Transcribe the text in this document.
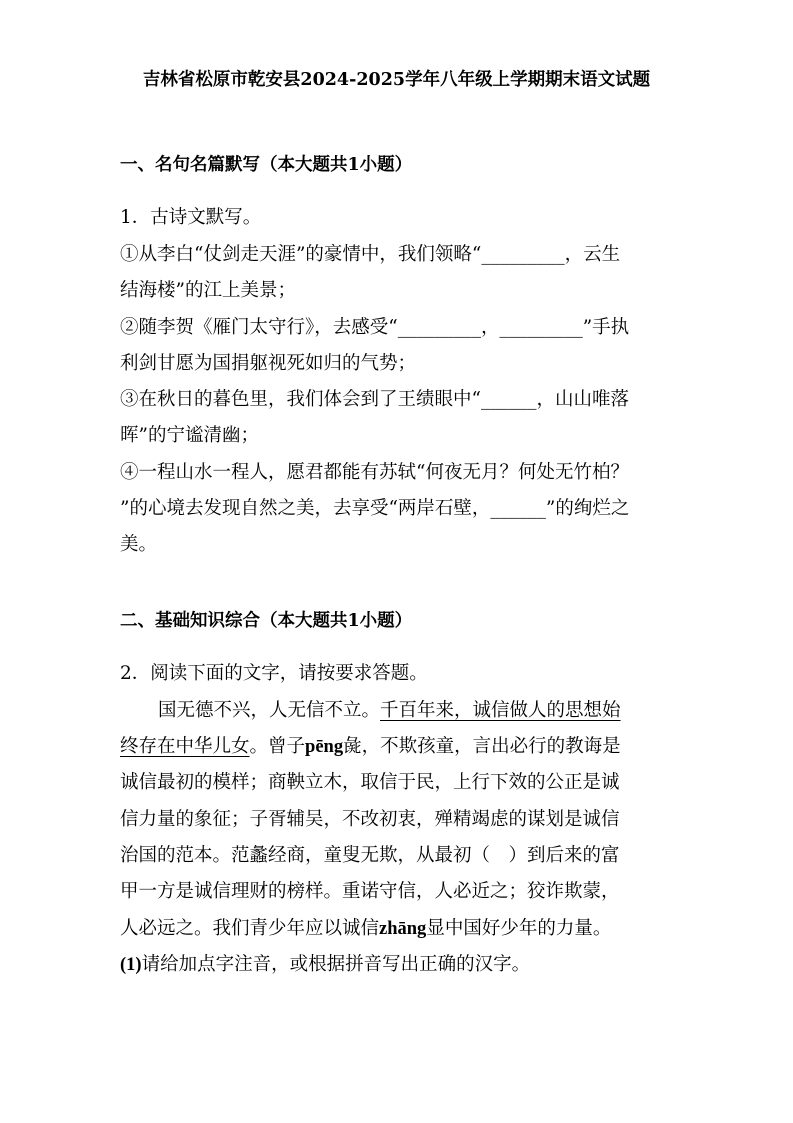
吉林省松原市乾安县2024-2025学年八年级上学期期末语文试题
一、名句名篇默写（本大题共1小题）
1．古诗文默写。
①从李白“仗剑走天涯”的豪情中，我们领略“_________，云生
结海楼”的江上美景；
②随李贺《雁门太守行》，去感受“_________，_________”手执
利剑甘愿为国捐躯视死如归的气势；
③在秋日的暮色里，我们体会到了王绩眼中“______，山山唯落
晖”的宁谧清幽；
④一程山水一程人，愿君都能有苏轼“何夜无月？何处无竹柏？
”的心境去发现自然之美，去享受“两岸石壁，______”的绚烂之
美。
二、基础知识综合（本大题共1小题）
2．阅读下面的文字，请按要求答题。
国无德不兴，人无信不立。千百年来，诚信做人的思想始
终存在中华儿女。曾子pēng彘，不欺孩童，言出必行的教诲是
诚信最初的模样；商鞅立木，取信于民，上行下效的公正是诚
信力量的象征；子胥辅吴，不改初衷，殚精竭虑的谋划是诚信
治国的范本。范蠡经商，童叟无欺，从最初（　）到后来的富
甲一方是诚信理财的榜样。重诺守信，人必近之；狡诈欺蒙，
人必远之。我们青少年应以诚信zhāng显中国好少年的力量。
(1)请给加点字注音，或根据拼音写出正确的汉字。
